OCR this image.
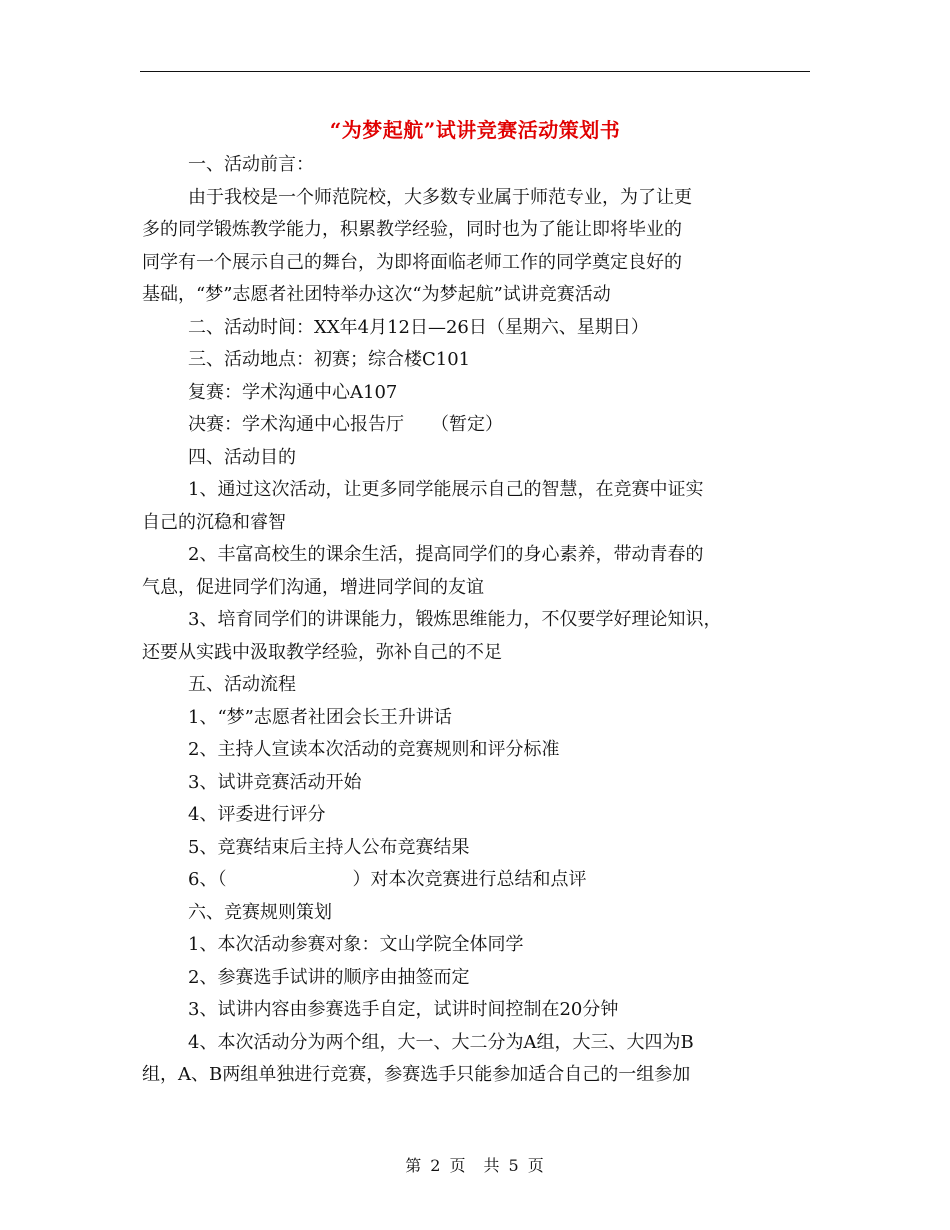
“为梦起航”试讲竞赛活动策划书

一、活动前言：

由于我校是一个师范院校，大多数专业属于师范专业，为了让更

多的同学锻炼教学能力，积累教学经验，同时也为了能让即将毕业的

同学有一个展示自己的舞台，为即将面临老师工作的同学奠定良好的

基础，“梦”志愿者社团特举办这次“为梦起航”试讲竞赛活动

二、活动时间：XX年4月12日—26日（星期六、星期日）

三、活动地点：初赛；综合楼C101

复赛：学术沟通中心A107

决赛：学术沟通中心报告厅　　（暂定）

四、活动目的

1、通过这次活动，让更多同学能展示自己的智慧，在竞赛中证实

自己的沉稳和睿智

2、丰富高校生的课余生活，提高同学们的身心素养，带动青春的

气息，促进同学们沟通，增进同学间的友谊

3、培育同学们的讲课能力，锻炼思维能力，不仅要学好理论知识，

还要从实践中汲取教学经验，弥补自己的不足

五、活动流程

1、“梦”志愿者社团会长王升讲话

2、主持人宣读本次活动的竞赛规则和评分标准

3、试讲竞赛活动开始

4、评委进行评分

5、竞赛结束后主持人公布竞赛结果

6、（　　　　　　　）对本次竞赛进行总结和点评

六、竞赛规则策划

1、本次活动参赛对象：文山学院全体同学

2、参赛选手试讲的顺序由抽签而定

3、试讲内容由参赛选手自定，试讲时间控制在20分钟

4、本次活动分为两个组，大一、大二分为A组，大三、大四为B

组，A、B两组单独进行竞赛，参赛选手只能参加适合自己的一组参加

第 2 页　共 5 页
